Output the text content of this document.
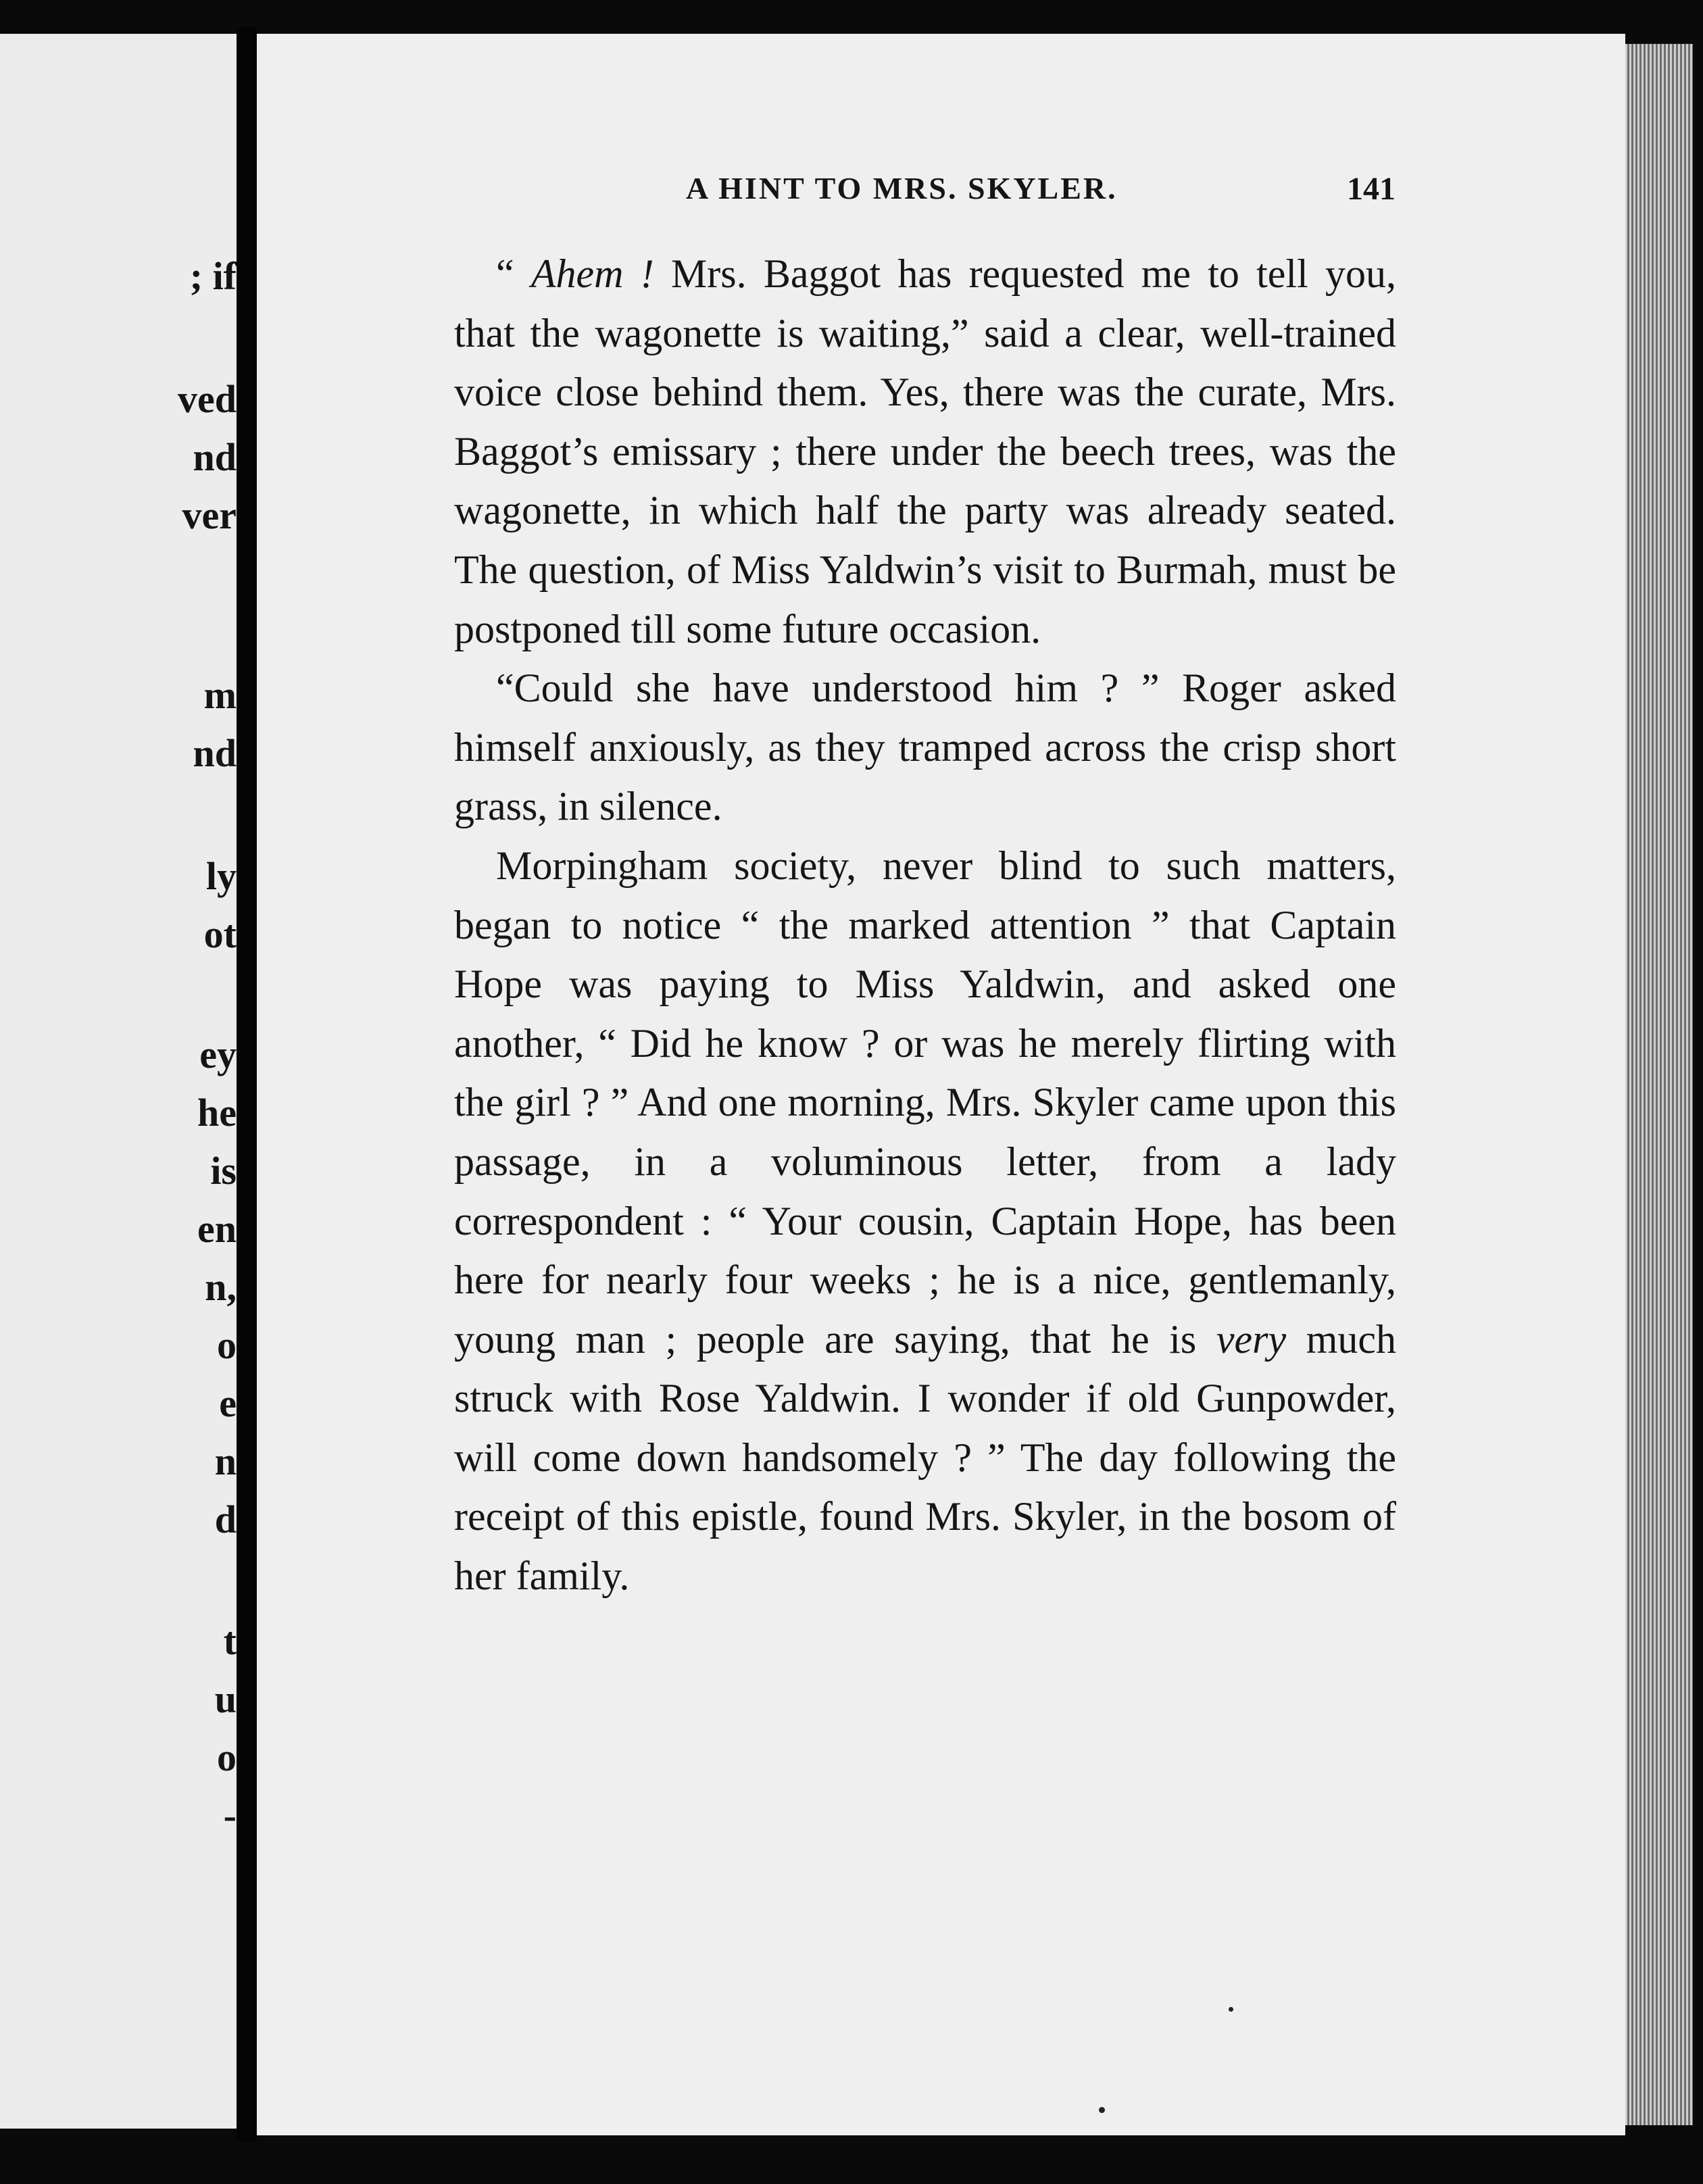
; if

ved

nd

ver

m

nd

ly

ot

ey

he

is

en

n,

o

e

n

d

t

u

o

-

A HINT TO MRS. SKYLER.	141

“ Ahem ! Mrs. Baggot has requested me to tell you, that the wagonette is waiting,” said a clear, well-trained voice close behind them. Yes, there was the curate, Mrs. Baggot’s emissary ; there under the beech trees, was the wagonette, in which half the party was already seated. The question, of Miss Yaldwin’s visit to Burmah, must be postponed till some future occasion.

“Could she have understood him ? ” Roger asked himself anxiously, as they tramped across the crisp short grass, in silence.

Morpingham society, never blind to such matters, began to notice “ the marked attention ” that Captain Hope was paying to Miss Yaldwin, and asked one another, “ Did he know ? or was he merely flirting with the girl ? ” And one morning, Mrs. Skyler came upon this passage, in a voluminous letter, from a lady correspondent : “ Your cousin, Captain Hope, has been here for nearly four weeks ; he is a nice, gentlemanly, young man ; people are saying, that he is very much struck with Rose Yaldwin. I wonder if old Gunpowder, will come down handsomely ? ” The day following the receipt of this epistle, found Mrs. Skyler, in the bosom of her family.
